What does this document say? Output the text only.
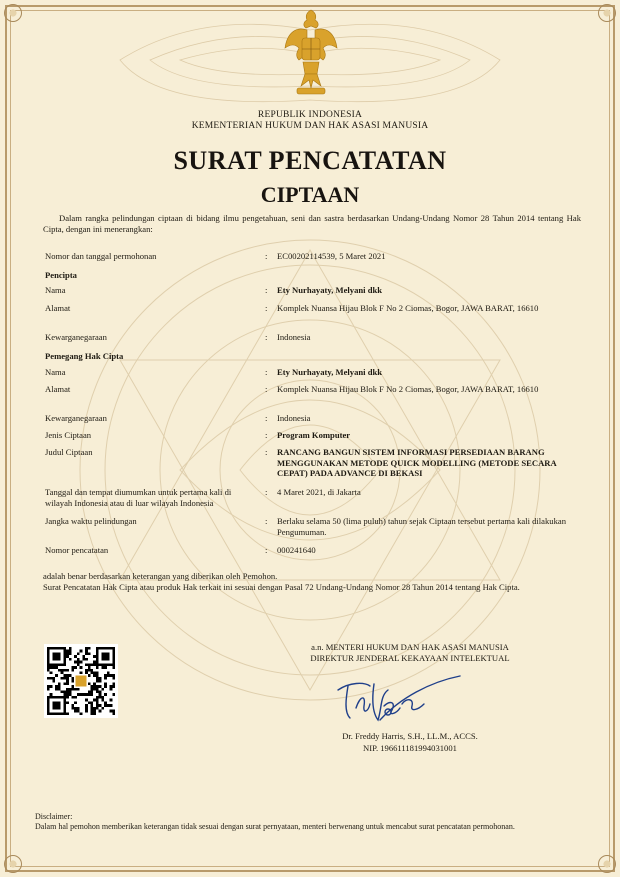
REPUBLIK INDONESIA
KEMENTERIAN HUKUM DAN HAK ASASI MANUSIA
SURAT PENCATATAN
CIPTAAN
Dalam rangka pelindungan ciptaan di bidang ilmu pengetahuan, seni dan sastra berdasarkan Undang-Undang Nomor 28 Tahun 2014 tentang Hak Cipta, dengan ini menerangkan:
Nomor dan tanggal permohonan	: EC00202114539, 5 Maret 2021
Pencipta
Nama	: Ety Nurhayaty, Melyani dkk
Alamat	: Komplek Nuansa Hijau Blok F No 2 Ciomas, Bogor, JAWA BARAT, 16610
Kewarganegaraan	: Indonesia
Pemegang Hak Cipta
Nama	: Ety Nurhayaty, Melyani dkk
Alamat	: Komplek Nuansa Hijau Blok F No 2 Ciomas, Bogor, JAWA BARAT, 16610
Kewarganegaraan	: Indonesia
Jenis Ciptaan	: Program Komputer
Judul Ciptaan	: RANCANG BANGUN SISTEM INFORMASI PERSEDIAAN BARANG MENGGUNAKAN METODE QUICK MODELLING (METODE SECARA CEPAT) PADA ADVANCE DI BEKASI
Tanggal dan tempat diumumkan untuk pertama kali di wilayah Indonesia atau di luar wilayah Indonesia
: 4 Maret 2021, di Jakarta
Jangka waktu pelindungan	: Berlaku selama 50 (lima puluh) tahun sejak Ciptaan tersebut pertama kali dilakukan Pengumuman.
Nomor pencatatan	: 000241640
adalah benar berdasarkan keterangan yang diberikan oleh Pemohon.
Surat Pencatatan Hak Cipta atau produk Hak terkait ini sesuai dengan Pasal 72 Undang-Undang Nomor 28 Tahun 2014 tentang Hak Cipta.
a.n. MENTERI HUKUM DAN HAK ASASI MANUSIA
DIREKTUR JENDERAL KEKAYAAN INTELEKTUAL
Dr. Freddy Harris, S.H., LL.M., ACCS.
NIP. 196611181994031001
Disclaimer:
Dalam hal pemohon memberikan keterangan tidak sesuai dengan surat pernyataan, menteri berwenang untuk mencabut surat pencatatan permohonan.
